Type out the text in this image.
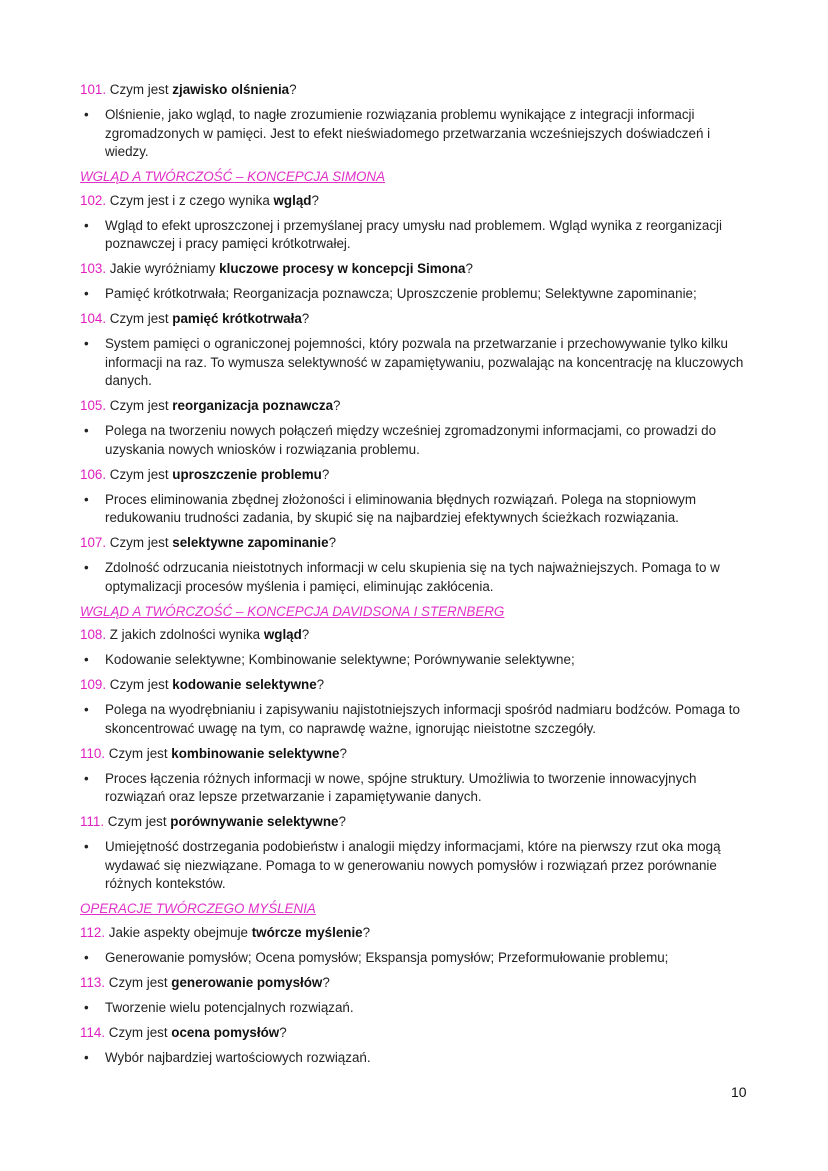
101. Czym jest zjawisko olśnienia?
• Olśnienie, jako wgląd, to nagłe zrozumienie rozwiązania problemu wynikające z integracji informacji zgromadzonych w pamięci. Jest to efekt nieświadomego przetwarzania wcześniejszych doświadczeń i wiedzy.
WGLĄD A TWÓRCZOŚĆ – KONCEPCJA SIMONA
102. Czym jest i z czego wynika wgląd?
• Wgląd to efekt uproszczonej i przemyślanej pracy umysłu nad problemem. Wgląd wynika z reorganizacji poznawczej i pracy pamięci krótkotrwałej.
103. Jakie wyróżniamy kluczowe procesy w koncepcji Simona?
• Pamięć krótkotrwała; Reorganizacja poznawcza; Uproszczenie problemu; Selektywne zapominanie;
104. Czym jest pamięć krótkotrwała?
• System pamięci o ograniczonej pojemności, który pozwala na przetwarzanie i przechowywanie tylko kilku informacji na raz. To wymusza selektywność w zapamiętywaniu, pozwalając na koncentrację na kluczowych danych.
105. Czym jest reorganizacja poznawcza?
• Polega na tworzeniu nowych połączeń między wcześniej zgromadzonymi informacjami, co prowadzi do uzyskania nowych wniosków i rozwiązania problemu.
106. Czym jest uproszczenie problemu?
• Proces eliminowania zbędnej złożoności i eliminowania błędnych rozwiązań. Polega na stopniowym redukowaniu trudności zadania, by skupić się na najbardziej efektywnych ścieżkach rozwiązania.
107. Czym jest selektywne zapominanie?
• Zdolność odrzucania nieistotnych informacji w celu skupienia się na tych najważniejszych. Pomaga to w optymalizacji procesów myślenia i pamięci, eliminując zakłócenia.
WGLĄD A TWÓRCZOŚĆ – KONCEPCJA DAVIDSONA I STERNBERG
108. Z jakich zdolności wynika wgląd?
• Kodowanie selektywne; Kombinowanie selektywne; Porównywanie selektywne;
109. Czym jest kodowanie selektywne?
• Polega na wyodrębnianiu i zapisywaniu najistotniejszych informacji spośród nadmiaru bodźców. Pomaga to skoncentrować uwagę na tym, co naprawdę ważne, ignorując nieistotne szczegóły.
110. Czym jest kombinowanie selektywne?
• Proces łączenia różnych informacji w nowe, spójne struktury. Umożliwia to tworzenie innowacyjnych rozwiązań oraz lepsze przetwarzanie i zapamiętywanie danych.
111. Czym jest porównywanie selektywne?
• Umiejętność dostrzegania podobieństw i analogii między informacjami, które na pierwszy rzut oka mogą wydawać się niezwiązane. Pomaga to w generowaniu nowych pomysłów i rozwiązań przez porównanie różnych kontekstów.
OPERACJE TWÓRCZEGO MYŚLENIA
112. Jakie aspekty obejmuje twórcze myślenie?
• Generowanie pomysłów; Ocena pomysłów; Ekspansja pomysłów; Przeformułowanie problemu;
113. Czym jest generowanie pomysłów?
• Tworzenie wielu potencjalnych rozwiązań.
114. Czym jest ocena pomysłów?
• Wybór najbardziej wartościowych rozwiązań.
10
